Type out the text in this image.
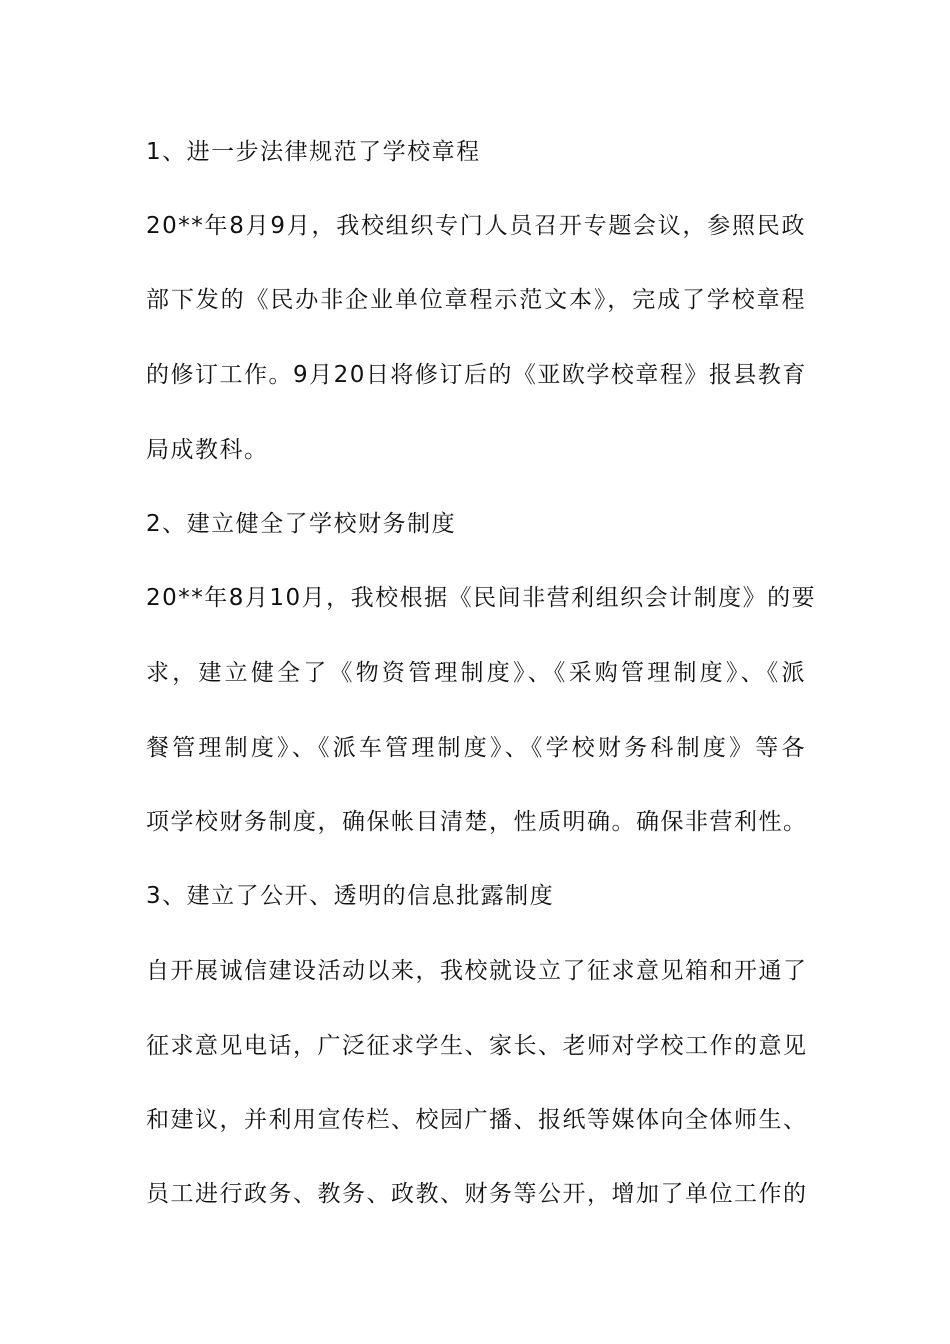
1、进一步法律规范了学校章程
20**年8月9月，我校组织专门人员召开专题会议，参照民政
部下发的《民办非企业单位章程示范文本》，完成了学校章程
的修订工作。9月20日将修订后的《亚欧学校章程》报县教育
局成教科。
2、建立健全了学校财务制度
20**年8月10月，我校根据《民间非营利组织会计制度》的要
求，建立健全了《物资管理制度》、《采购管理制度》、《派
餐管理制度》、《派车管理制度》、《学校财务科制度》等各
项学校财务制度，确保帐目清楚，性质明确。确保非营利性。
3、建立了公开、透明的信息批露制度
自开展诚信建设活动以来，我校就设立了征求意见箱和开通了
征求意见电话，广泛征求学生、家长、老师对学校工作的意见
和建议，并利用宣传栏、校园广播、报纸等媒体向全体师生、
员工进行政务、教务、政教、财务等公开，增加了单位工作的
